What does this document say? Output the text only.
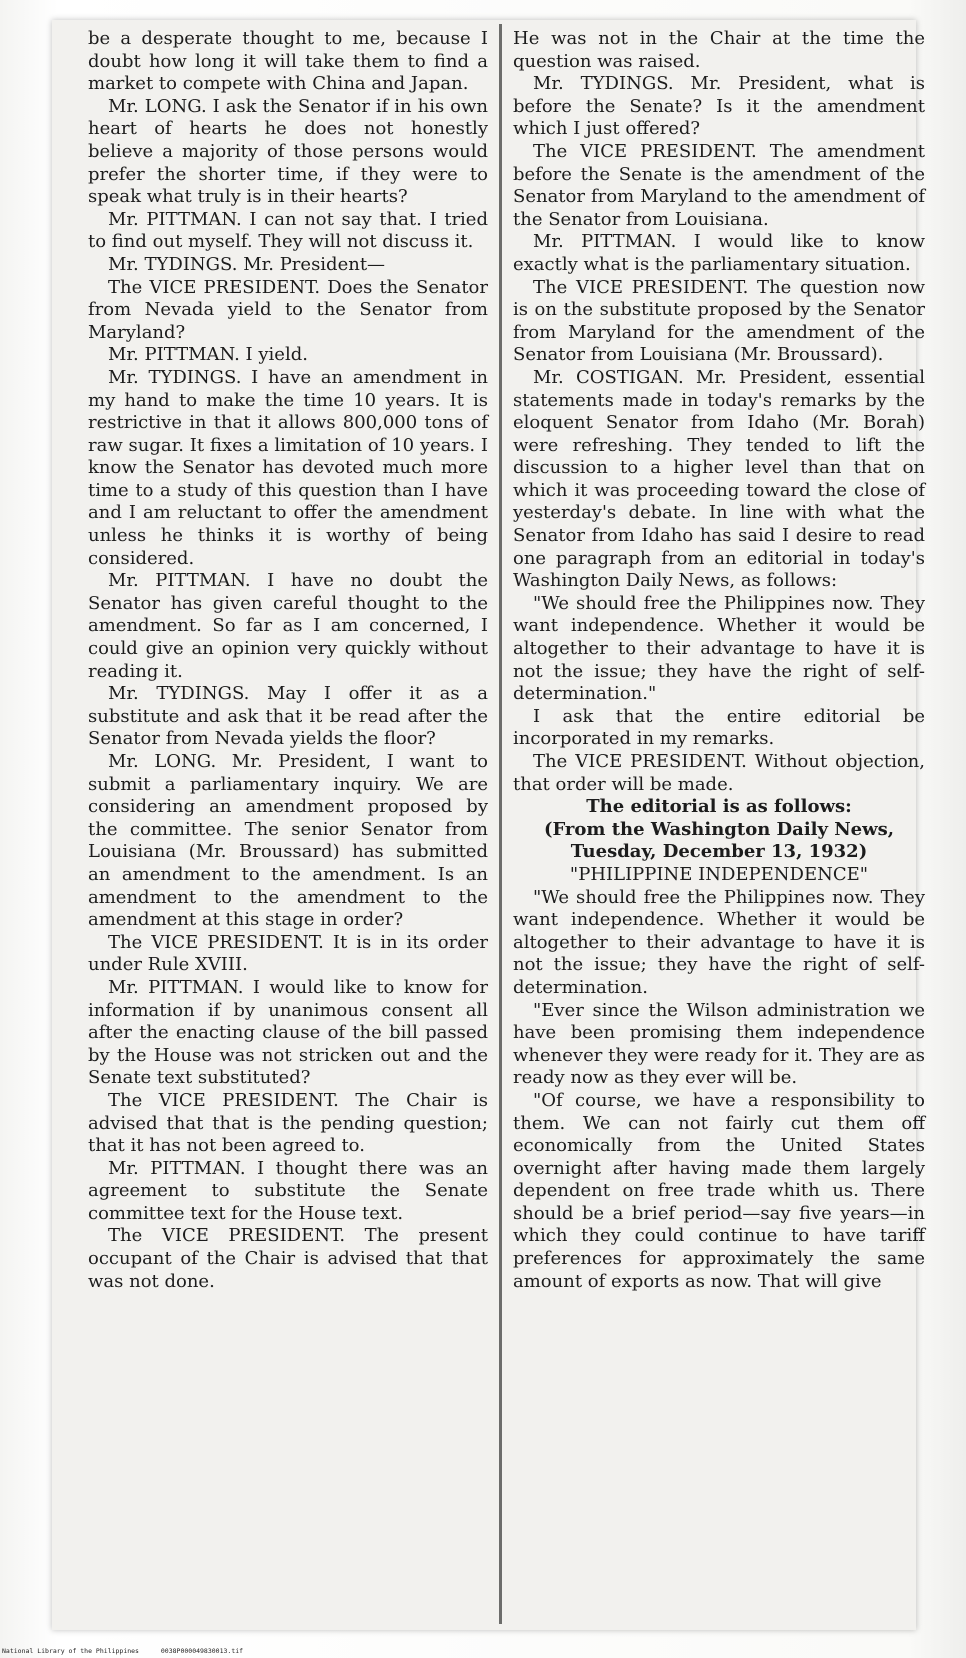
be a desperate thought to me, because I doubt how long it will take them to find a market to compete with China and Japan.

Mr. LONG. I ask the Senator if in his own heart of hearts he does not honestly believe a majority of those persons would prefer the shorter time, if they were to speak what truly is in their hearts?

Mr. PITTMAN. I can not say that. I tried to find out myself. They will not discuss it.

Mr. TYDINGS. Mr. President—

The VICE PRESIDENT. Does the Senator from Nevada yield to the Senator from Maryland?

Mr. PITTMAN. I yield.

Mr. TYDINGS. I have an amendment in my hand to make the time 10 years. It is restrictive in that it allows 800,000 tons of raw sugar. It fixes a limitation of 10 years. I know the Senator has devoted much more time to a study of this question than I have and I am reluctant to offer the amendment unless he thinks it is worthy of being considered.

Mr. PITTMAN. I have no doubt the Senator has given careful thought to the amendment. So far as I am concerned, I could give an opinion very quickly without reading it.

Mr. TYDINGS. May I offer it as a substitute and ask that it be read after the Senator from Nevada yields the floor?

Mr. LONG. Mr. President, I want to submit a parliamentary inquiry. We are considering an amendment proposed by the committee. The senior Senator from Louisiana (Mr. Broussard) has submitted an amendment to the amendment. Is an amendment to the amendment to the amendment at this stage in order?

The VICE PRESIDENT. It is in its order under Rule XVIII.

Mr. PITTMAN. I would like to know for information if by unanimous consent all after the enacting clause of the bill passed by the House was not stricken out and the Senate text substituted?

The VICE PRESIDENT. The Chair is advised that that is the pending question; that it has not been agreed to.

Mr. PITTMAN. I thought there was an agreement to substitute the Senate committee text for the House text.

The VICE PRESIDENT. The present occupant of the Chair is advised that that was not done.

He was not in the Chair at the time the question was raised.

Mr. TYDINGS. Mr. President, what is before the Senate? Is it the amendment which I just offered?

The VICE PRESIDENT. The amendment before the Senate is the amendment of the Senator from Maryland to the amendment of the Senator from Louisiana.

Mr. PITTMAN. I would like to know exactly what is the parliamentary situation.

The VICE PRESIDENT. The question now is on the substitute proposed by the Senator from Maryland for the amendment of the Senator from Louisiana (Mr. Broussard).

Mr. COSTIGAN. Mr. President, essential statements made in today's remarks by the eloquent Senator from Idaho (Mr. Borah) were refreshing. They tended to lift the discussion to a higher level than that on which it was proceeding toward the close of yesterday's debate. In line with what the Senator from Idaho has said I desire to read one paragraph from an editorial in today's Washington Daily News, as follows:

"We should free the Philippines now. They want independence. Whether it would be altogether to their advantage to have it is not the issue; they have the right of self-determination."

I ask that the entire editorial be incorporated in my remarks.

The VICE PRESIDENT. Without objection, that order will be made.

The editorial is as follows:

(From the Washington Daily News,

Tuesday, December 13, 1932)

"PHILIPPINE INDEPENDENCE"

"We should free the Philippines now. They want independence. Whether it would be altogether to their advantage to have it is not the issue; they have the right of self-determination.

"Ever since the Wilson administration we have been promising them independence whenever they were ready for it. They are as ready now as they ever will be.

"Of course, we have a responsibility to them. We can not fairly cut them off economically from the United States overnight after having made them largely dependent on free trade whith us. There should be a brief period—say five years—in which they could continue to have tariff preferences for approximately the same amount of exports as now. That will give

National Library of the Philippines	0038P000049830013.tif
